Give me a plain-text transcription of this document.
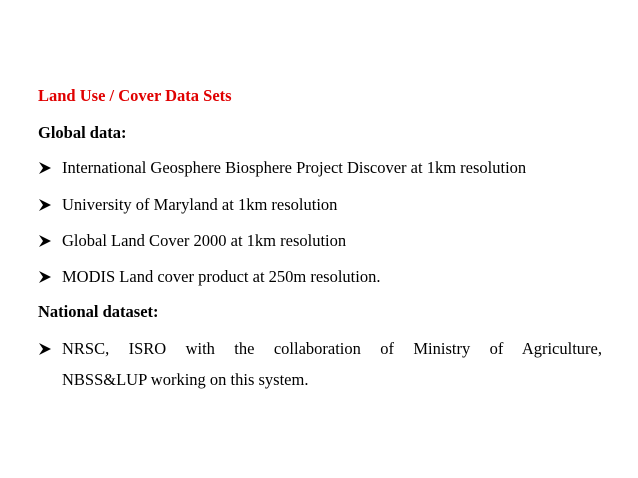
Land Use / Cover Data Sets
Global data:
International Geosphere Biosphere Project Discover at 1km resolution
University of Maryland at 1km resolution
Global Land Cover 2000 at 1km resolution
MODIS Land cover product at 250m resolution.
National dataset:
NRSC, ISRO with the collaboration of Ministry of Agriculture,
NBSS&LUP working on this system.
